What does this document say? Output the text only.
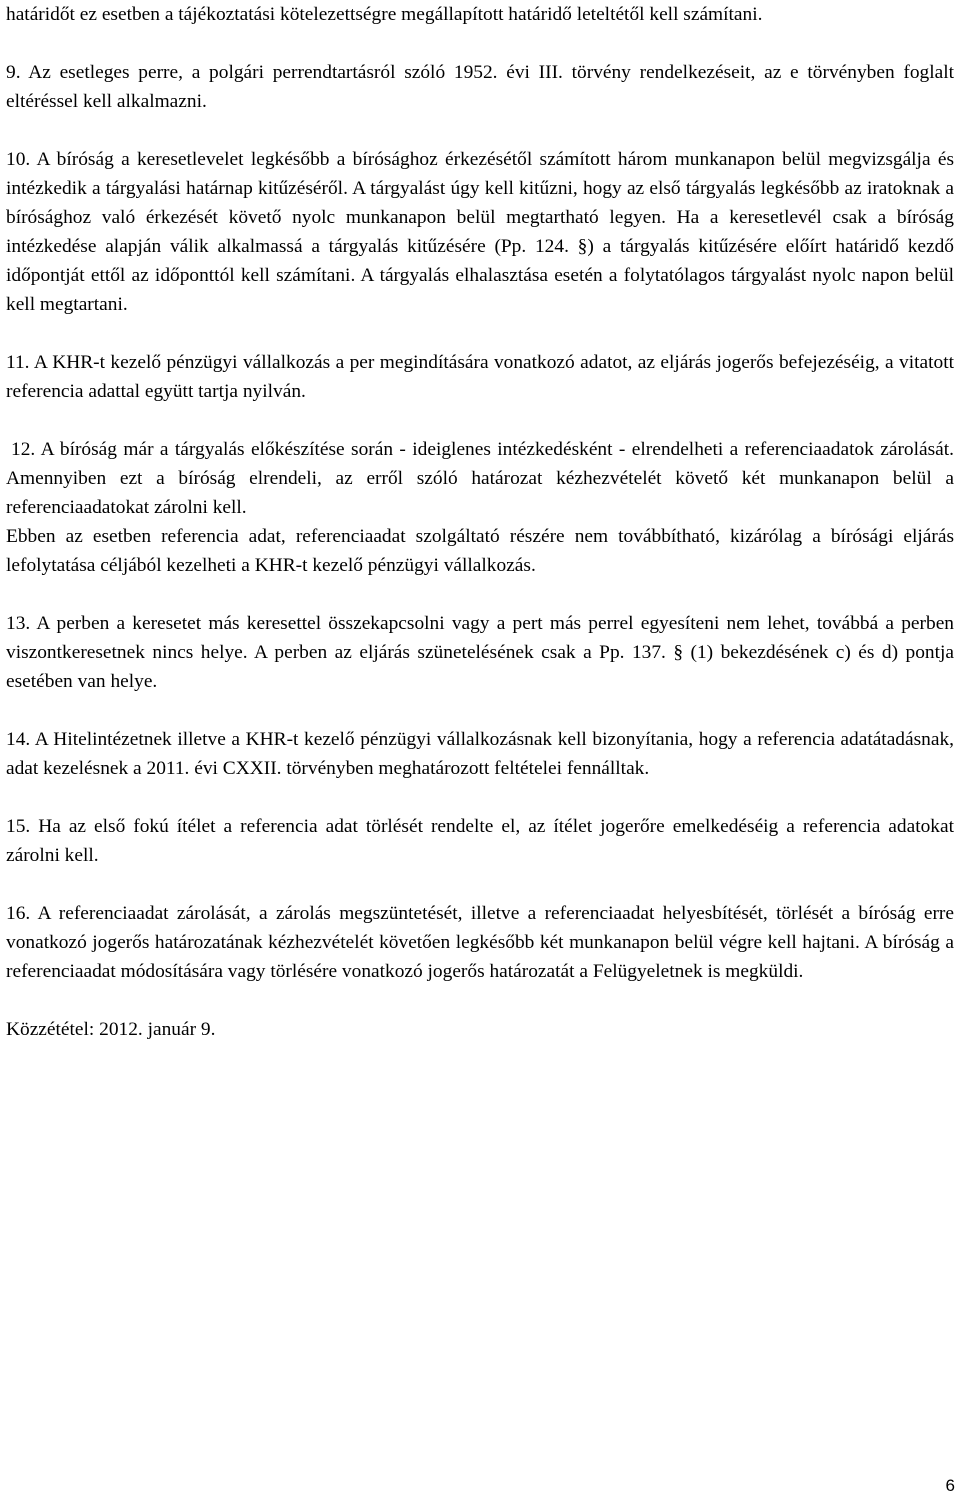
határidőt ez esetben a tájékoztatási kötelezettségre megállapított határidő leteltétől kell számítani.

9. Az esetleges perre, a polgári perrendtartásról szóló 1952. évi III. törvény rendelkezéseit, az e törvényben foglalt eltéréssel kell alkalmazni.

10. A bíróság a keresetlevelet legkésőbb a bírósághoz érkezésétől számított három munkanapon belül megvizsgálja és intézkedik a tárgyalási határnap kitűzéséről. A tárgyalást úgy kell kitűzni, hogy az első tárgyalás legkésőbb az iratoknak a bírósághoz való érkezését követő nyolc munkanapon belül megtartható legyen. Ha a keresetlevél csak a bíróság intézkedése alapján válik alkalmassá a tárgyalás kitűzésére (Pp. 124. §) a tárgyalás kitűzésére előírt határidő kezdő időpontját ettől az időponttól kell számítani. A tárgyalás elhalasztása esetén a folytatólagos tárgyalást nyolc napon belül kell megtartani.

11. A KHR-t kezelő pénzügyi vállalkozás a per megindítására vonatkozó adatot, az eljárás jogerős befejezéséig, a vitatott referencia adattal együtt tartja nyilván.

12. A bíróság már a tárgyalás előkészítése során - ideiglenes intézkedésként - elrendelheti a referenciaadatok zárolását. Amennyiben ezt a bíróság elrendeli, az erről szóló határozat kézhezvételét követő két munkanapon belül a referenciaadatokat zárolni kell.

Ebben az esetben referencia adat, referenciaadat szolgáltató részére nem továbbítható, kizárólag a bírósági eljárás lefolytatása céljából kezelheti a KHR-t kezelő pénzügyi vállalkozás.

13. A perben a keresetet más keresettel összekapcsolni vagy a pert más perrel egyesíteni nem lehet, továbbá a perben viszontkeresetnek nincs helye. A perben az eljárás szünetelésének csak a Pp. 137. § (1) bekezdésének c) és d) pontja esetében van helye.

14. A Hitelintézetnek illetve a KHR-t kezelő pénzügyi vállalkozásnak kell bizonyítania, hogy a referencia adatátadásnak, adat kezelésnek a 2011. évi CXXII. törvényben meghatározott feltételei fennálltak.

15. Ha az első fokú ítélet a referencia adat törlését rendelte el, az ítélet jogerőre emelkedéséig a referencia adatokat zárolni kell.

16. A referenciaadat zárolását, a zárolás megszüntetését, illetve a referenciaadat helyesbítését, törlését a bíróság erre vonatkozó jogerős határozatának kézhezvételét követően legkésőbb két munkanapon belül végre kell hajtani. A bíróság a referenciaadat módosítására vagy törlésére vonatkozó jogerős határozatát a Felügyeletnek is megküldi.

Közzététel: 2012. január 9.

6
